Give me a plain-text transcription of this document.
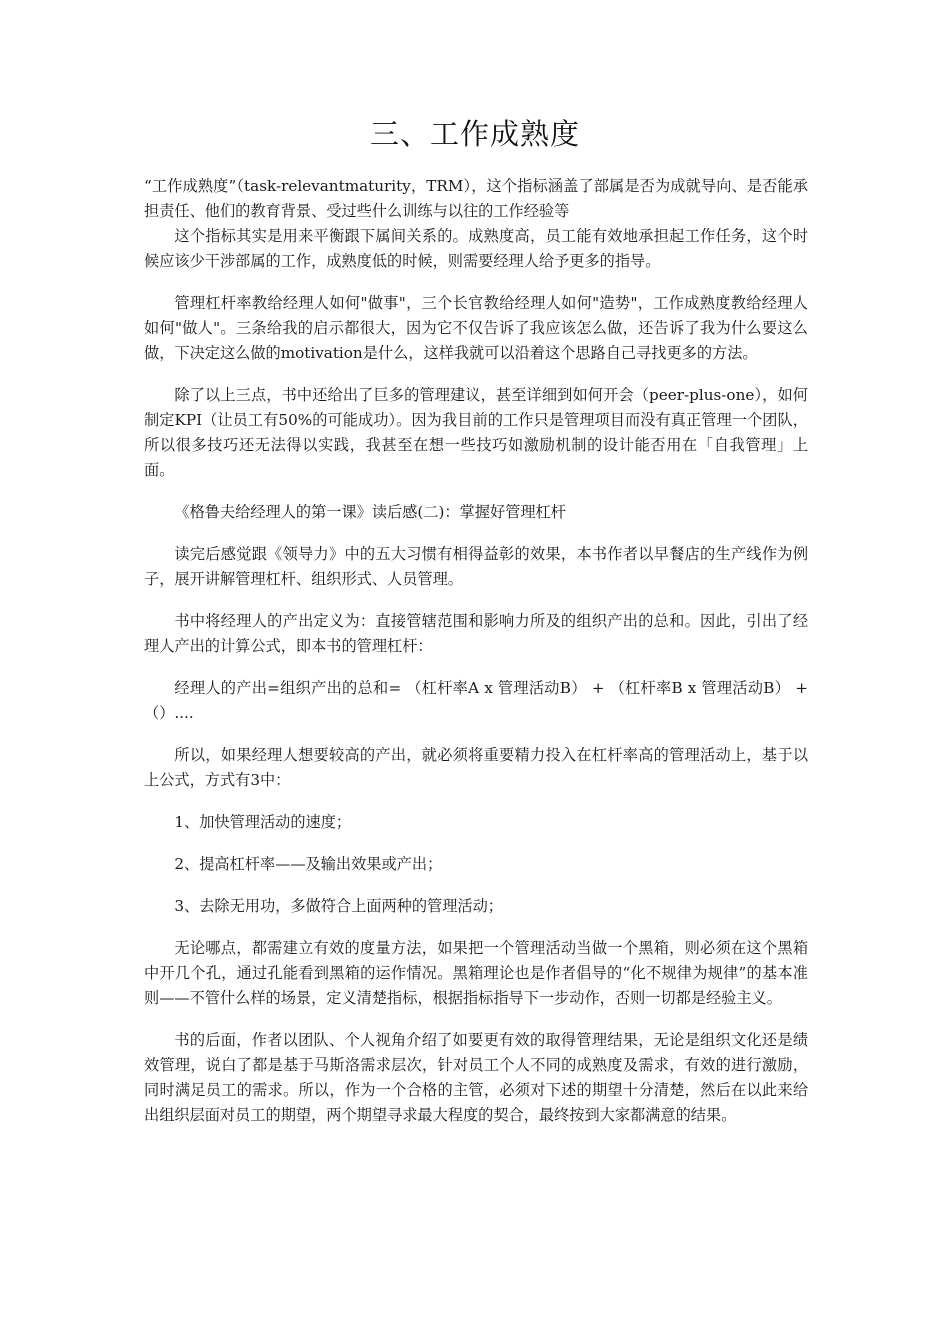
三、工作成熟度

“工作成熟度”（task-relevantmaturity，TRM），这个指标涵盖了部属是否为成就导向、是否能承担责任、他们的教育背景、受过些什么训练与以往的工作经验等

这个指标其实是用来平衡跟下属间关系的。成熟度高，员工能有效地承担起工作任务，这个时候应该少干涉部属的工作，成熟度低的时候，则需要经理人给予更多的指导。

管理杠杆率教给经理人如何"做事"，三个长官教给经理人如何"造势"，工作成熟度教给经理人如何"做人"。三条给我的启示都很大，因为它不仅告诉了我应该怎么做，还告诉了我为什么要这么做，下决定这么做的motivation是什么，这样我就可以沿着这个思路自己寻找更多的方法。

除了以上三点，书中还给出了巨多的管理建议，甚至详细到如何开会（peer-plus-one），如何制定KPI（让员工有50%的可能成功）。因为我目前的工作只是管理项目而没有真正管理一个团队，所以很多技巧还无法得以实践，我甚至在想一些技巧如激励机制的设计能否用在「自我管理」上面。

《格鲁夫给经理人的第一课》读后感(二)：掌握好管理杠杆

读完后感觉跟《领导力》中的五大习惯有相得益彰的效果，本书作者以早餐店的生产线作为例子，展开讲解管理杠杆、组织形式、人员管理。

书中将经理人的产出定义为：直接管辖范围和影响力所及的组织产出的总和。因此，引出了经理人产出的计算公式，即本书的管理杠杆：

经理人的产出=组织产出的总和= （杠杆率A x 管理活动B） + （杠杆率B x 管理活动B） + （）....

所以，如果经理人想要较高的产出，就必须将重要精力投入在杠杆率高的管理活动上，基于以上公式，方式有3中：

1、加快管理活动的速度；

2、提高杠杆率——及输出效果或产出；

3、去除无用功，多做符合上面两种的管理活动；

无论哪点，都需建立有效的度量方法，如果把一个管理活动当做一个黑箱，则必须在这个黑箱中开几个孔，通过孔能看到黑箱的运作情况。黑箱理论也是作者倡导的“化不规律为规律”的基本准则——不管什么样的场景，定义清楚指标，根据指标指导下一步动作，否则一切都是经验主义。

书的后面，作者以团队、个人视角介绍了如要更有效的取得管理结果，无论是组织文化还是绩效管理，说白了都是基于马斯洛需求层次，针对员工个人不同的成熟度及需求，有效的进行激励，同时满足员工的需求。所以，作为一个合格的主管，必须对下述的期望十分清楚，然后在以此来给出组织层面对员工的期望，两个期望寻求最大程度的契合，最终按到大家都满意的结果。
